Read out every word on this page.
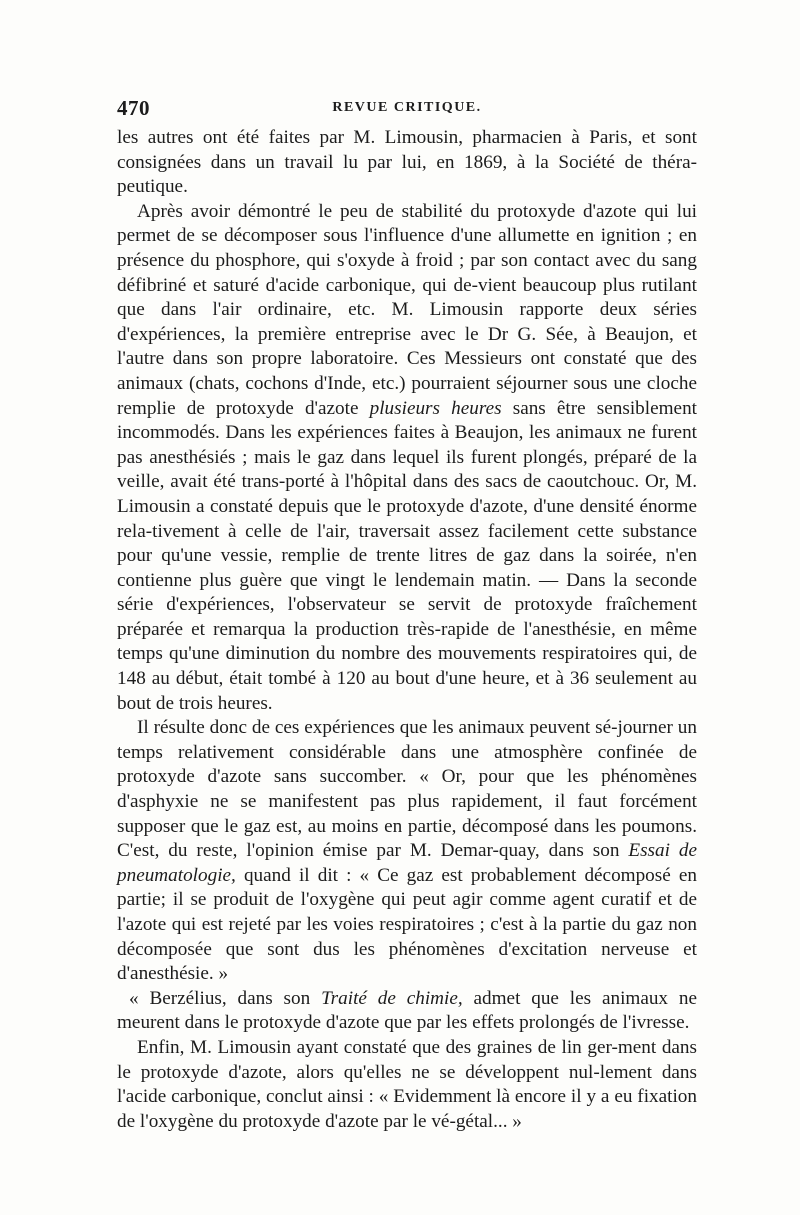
470	REVUE CRITIQUE.

les autres ont été faites par M. Limousin, pharmacien à Paris, et sont consignées dans un travail lu par lui, en 1869, à la Société de théra-peutique.

Après avoir démontré le peu de stabilité du protoxyde d'azote qui lui permet de se décomposer sous l'influence d'une allumette en ignition ; en présence du phosphore, qui s'oxyde à froid ; par son contact avec du sang défibriné et saturé d'acide carbonique, qui de-vient beaucoup plus rutilant que dans l'air ordinaire, etc. M. Limousin rapporte deux séries d'expériences, la première entreprise avec le Dr G. Sée, à Beaujon, et l'autre dans son propre laboratoire. Ces Messieurs ont constaté que des animaux (chats, cochons d'Inde, etc.) pourraient séjourner sous une cloche remplie de protoxyde d'azote plusieurs heures sans être sensiblement incommodés. Dans les expériences faites à Beaujon, les animaux ne furent pas anesthésiés ; mais le gaz dans lequel ils furent plongés, préparé de la veille, avait été trans-porté à l'hôpital dans des sacs de caoutchouc. Or, M. Limousin a constaté depuis que le protoxyde d'azote, d'une densité énorme rela-tivement à celle de l'air, traversait assez facilement cette substance pour qu'une vessie, remplie de trente litres de gaz dans la soirée, n'en contienne plus guère que vingt le lendemain matin. — Dans la seconde série d'expériences, l'observateur se servit de protoxyde fraîchement préparée et remarqua la production très-rapide de l'anesthésie, en même temps qu'une diminution du nombre des mouvements respiratoires qui, de 148 au début, était tombé à 120 au bout d'une heure, et à 36 seulement au bout de trois heures.

Il résulte donc de ces expériences que les animaux peuvent sé-journer un temps relativement considérable dans une atmosphère confinée de protoxyde d'azote sans succomber. « Or, pour que les phénomènes d'asphyxie ne se manifestent pas plus rapidement, il faut forcément supposer que le gaz est, au moins en partie, décomposé dans les poumons. C'est, du reste, l'opinion émise par M. Demar-quay, dans son Essai de pneumatologie, quand il dit : « Ce gaz est probablement décomposé en partie; il se produit de l'oxygène qui peut agir comme agent curatif et de l'azote qui est rejeté par les voies respiratoires ; c'est à la partie du gaz non décomposée que sont dus les phénomènes d'excitation nerveuse et d'anesthésie. »

« Berzélius, dans son Traité de chimie, admet que les animaux ne meurent dans le protoxyde d'azote que par les effets prolongés de l'ivresse.

Enfin, M. Limousin ayant constaté que des graines de lin ger-ment dans le protoxyde d'azote, alors qu'elles ne se développent nul-lement dans l'acide carbonique, conclut ainsi : « Evidemment là encore il y a eu fixation de l'oxygène du protoxyde d'azote par le vé-gétal... »
